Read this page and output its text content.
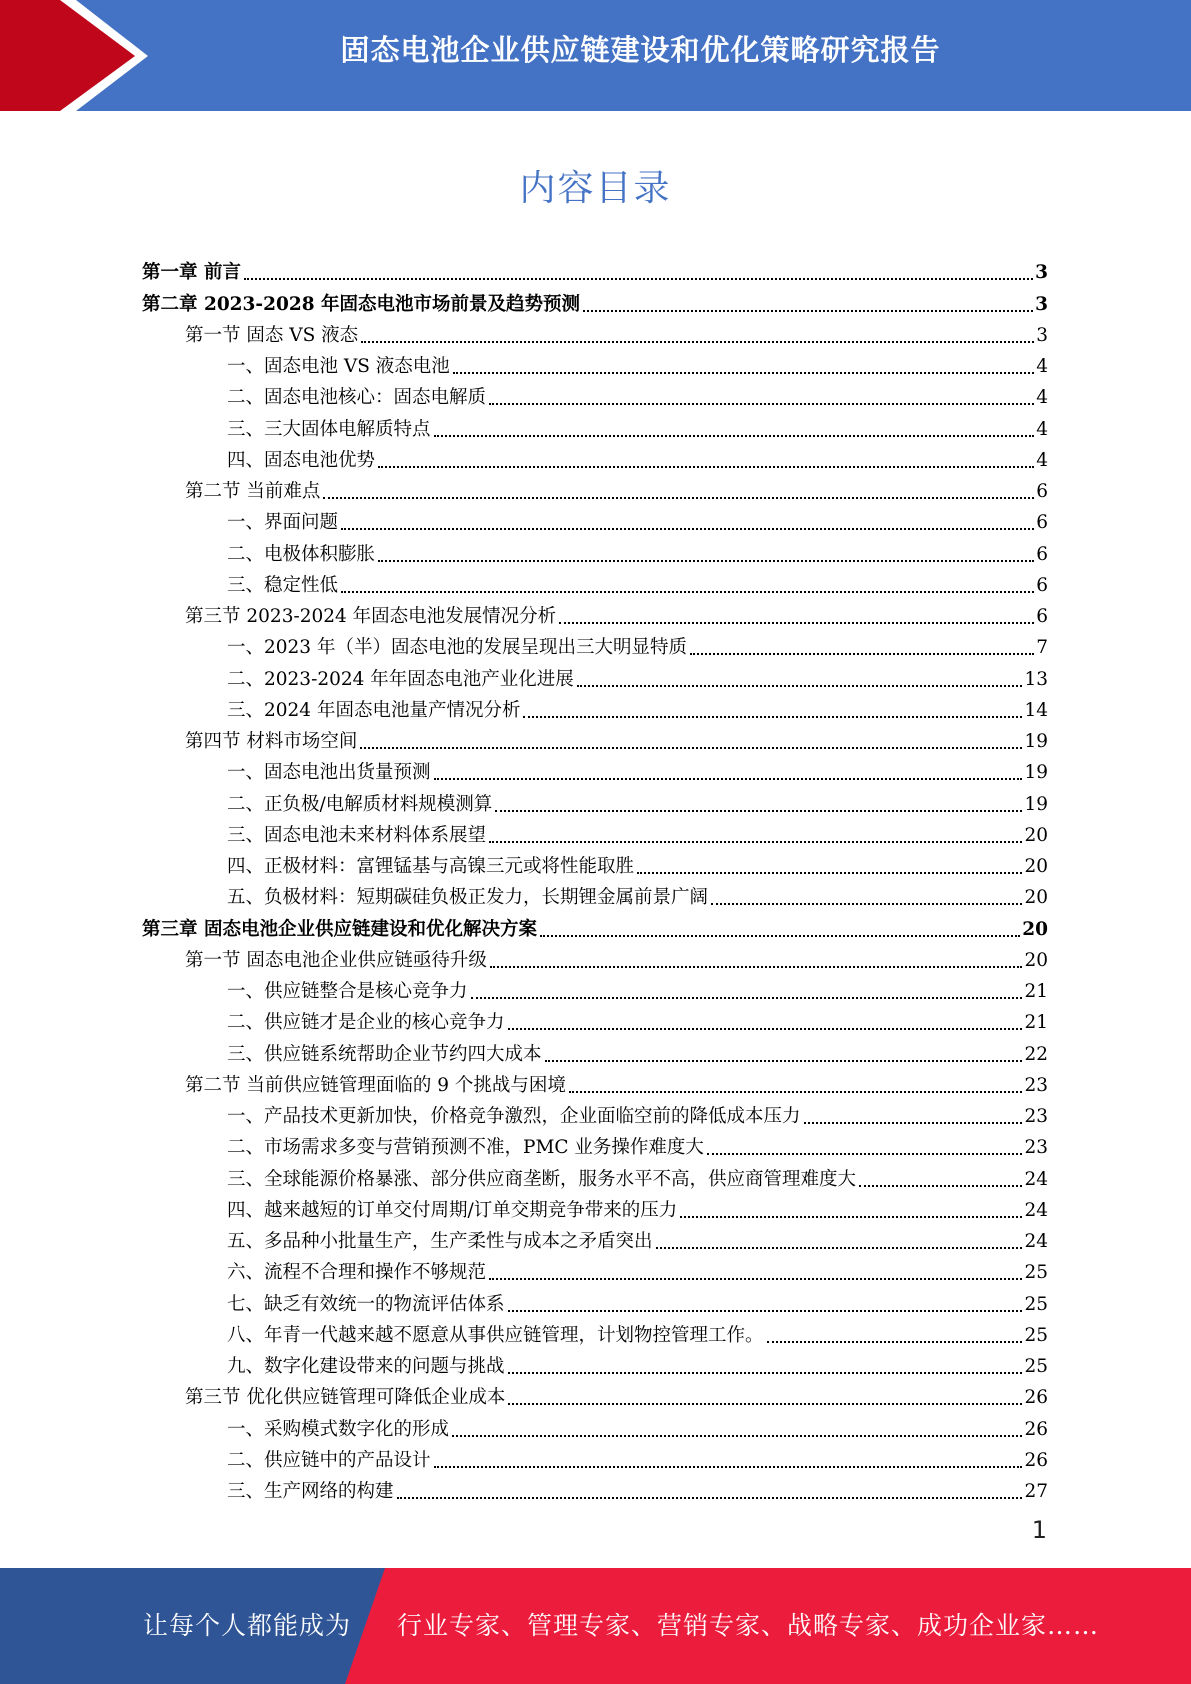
固态电池企业供应链建设和优化策略研究报告
内容目录
第一章 前言	3
第二章 2023-2028 年固态电池市场前景及趋势预测	3
第一节 固态 VS 液态	3
一、固态电池 VS 液态电池	4
二、固态电池核心：固态电解质	4
三、三大固体电解质特点	4
四、固态电池优势	4
第二节 当前难点	6
一、界面问题	6
二、电极体积膨胀	6
三、稳定性低	6
第三节 2023-2024 年固态电池发展情况分析	6
一、2023 年（半）固态电池的发展呈现出三大明显特质	7
二、2023-2024 年年固态电池产业化进展	13
三、2024 年固态电池量产情况分析	14
第四节 材料市场空间	19
一、固态电池出货量预测	19
二、正负极/电解质材料规模测算	19
三、固态电池未来材料体系展望	20
四、正极材料：富锂锰基与高镍三元或将性能取胜	20
五、负极材料：短期碳硅负极正发力，长期锂金属前景广阔	20
第三章 固态电池企业供应链建设和优化解决方案	20
第一节 固态电池企业供应链亟待升级	20
一、供应链整合是核心竞争力	21
二、供应链才是企业的核心竞争力	21
三、供应链系统帮助企业节约四大成本	22
第二节 当前供应链管理面临的 9 个挑战与困境	23
一、产品技术更新加快，价格竞争激烈，企业面临空前的降低成本压力	23
二、市场需求多变与营销预测不准，PMC 业务操作难度大	23
三、全球能源价格暴涨、部分供应商垄断，服务水平不高，供应商管理难度大	24
四、越来越短的订单交付周期/订单交期竞争带来的压力	24
五、多品种小批量生产，生产柔性与成本之矛盾突出	24
六、流程不合理和操作不够规范	25
七、缺乏有效统一的物流评估体系	25
八、年青一代越来越不愿意从事供应链管理，计划物控管理工作。	25
九、数字化建设带来的问题与挑战	25
第三节 优化供应链管理可降低企业成本	26
一、采购模式数字化的形成	26
二、供应链中的产品设计	26
三、生产网络的构建	27
1
让每个人都能成为 行业专家、管理专家、营销专家、战略专家、成功企业家……
